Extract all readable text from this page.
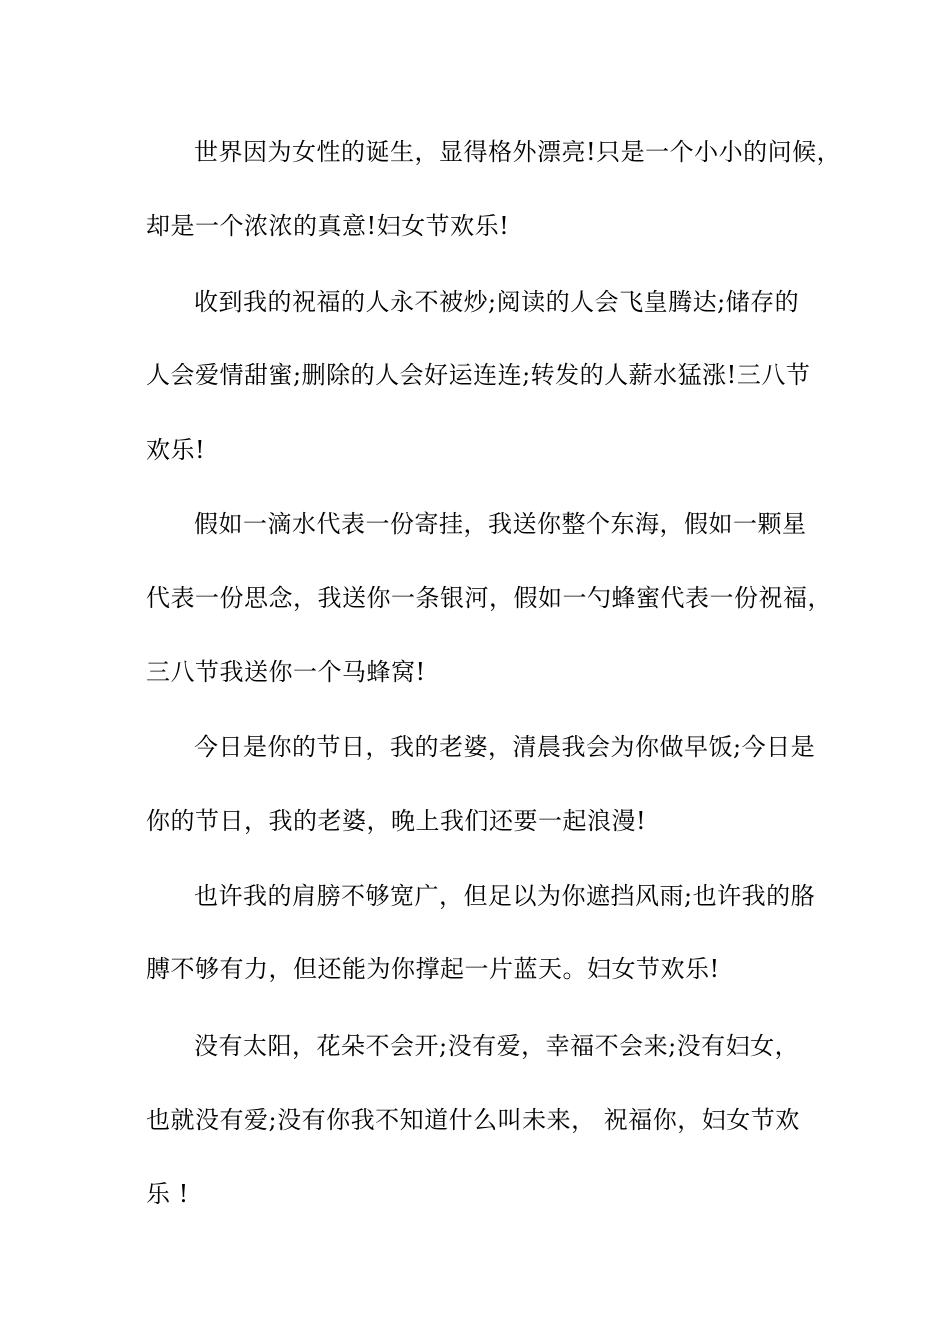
世界因为女性的诞生，显得格外漂亮!只是一个小小的问候，
却是一个浓浓的真意!妇女节欢乐!
收到我的祝福的人永不被炒;阅读的人会飞皇腾达;储存的
人会爱情甜蜜;删除的人会好运连连;转发的人薪水猛涨!三八节
欢乐!
假如一滴水代表一份寄挂，我送你整个东海，假如一颗星
代表一份思念，我送你一条银河，假如一勺蜂蜜代表一份祝福，
三八节我送你一个马蜂窝!
今日是你的节日，我的老婆，清晨我会为你做早饭;今日是
你的节日，我的老婆，晚上我们还要一起浪漫!
也许我的肩膀不够宽广，但足以为你遮挡风雨;也许我的胳
膊不够有力，但还能为你撑起一片蓝天。妇女节欢乐!
没有太阳，花朵不会开;没有爱，幸福不会来;没有妇女，
也就没有爱;没有你我不知道什么叫未来， 祝福你，妇女节欢
乐 !
